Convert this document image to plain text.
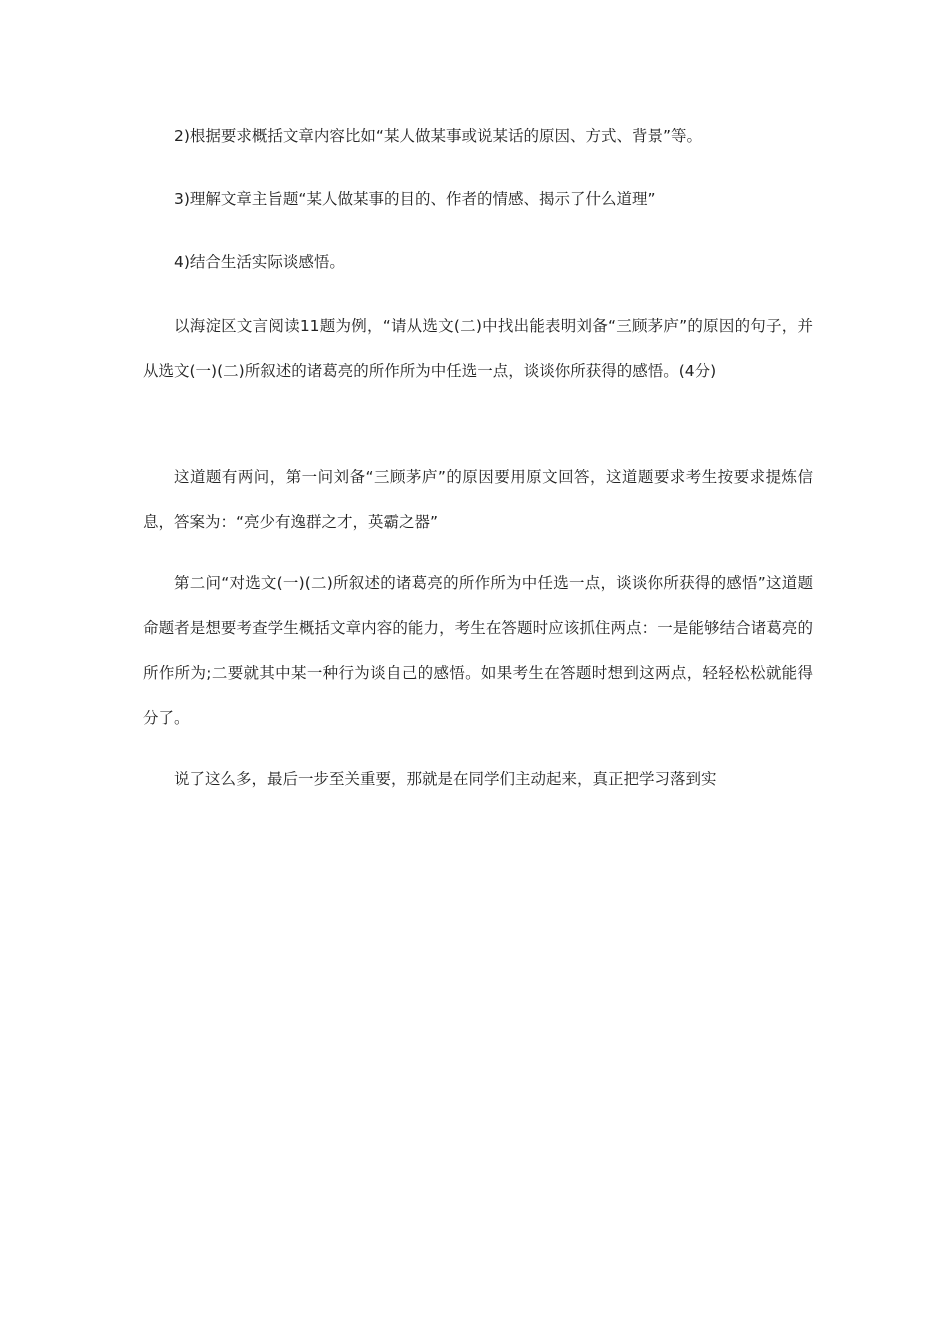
2)根据要求概括文章内容比如“某人做某事或说某话的原因、方式、背景”等。

3)理解文章主旨题“某人做某事的目的、作者的情感、揭示了什么道理”

4)结合生活实际谈感悟。

以海淀区文言阅读11题为例，“请从选文(二)中找出能表明刘备“三顾茅庐”的原因的句子，并从选文(一)(二)所叙述的诸葛亮的所作所为中任选一点，谈谈你所获得的感悟。(4分)

这道题有两问，第一问刘备“三顾茅庐”的原因要用原文回答，这道题要求考生按要求提炼信息，答案为：“亮少有逸群之才，英霸之器”

第二问“对选文(一)(二)所叙述的诸葛亮的所作所为中任选一点，谈谈你所获得的感悟”这道题命题者是想要考查学生概括文章内容的能力，考生在答题时应该抓住两点：一是能够结合诸葛亮的所作所为;二要就其中某一种行为谈自己的感悟。如果考生在答题时想到这两点，轻轻松松就能得分了。

说了这么多，最后一步至关重要，那就是在同学们主动起来，真正把学习落到实
